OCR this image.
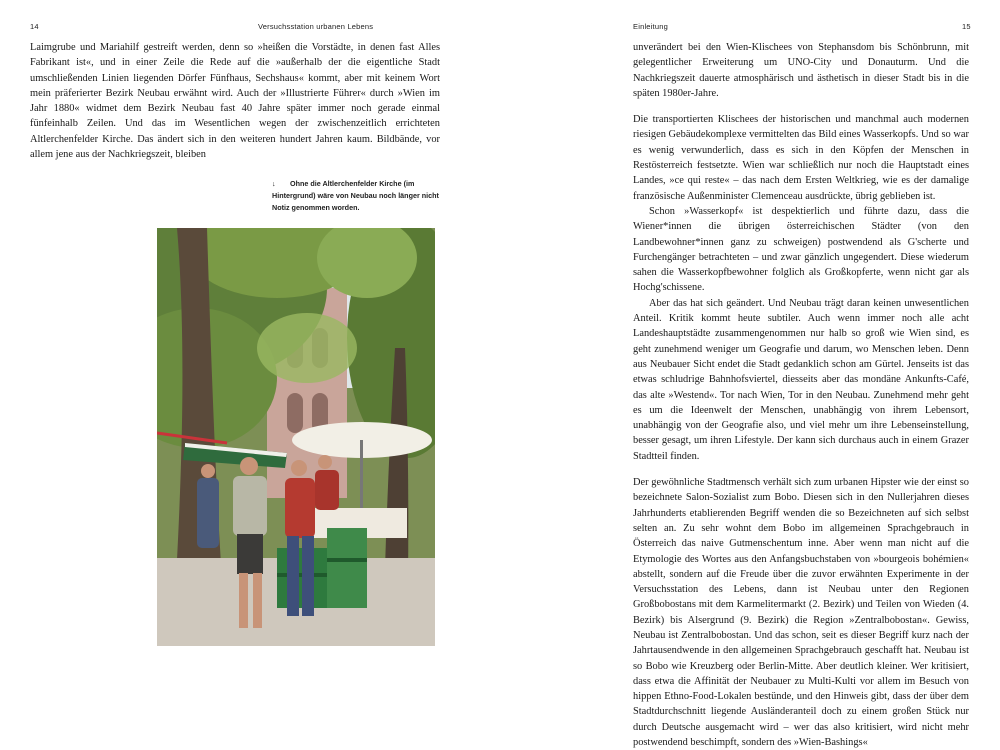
14	Versuchsstation urbanen Lebens

Laimgrube und Mariahilf gestreift werden, denn so »heißen die Vorstädte, in denen fast Alles Fabrikant ist«, und in einer Zeile die Rede auf die »außerhalb der die eigentliche Stadt umschließenden Linien liegenden Dörfer Fünfhaus, Sechshaus« kommt, aber mit keinem Wort mein präferierter Bezirk Neubau erwähnt wird. Auch der »Illustrierte Führer« durch »Wien im Jahr 1880« widmet dem Bezirk Neubau fast 40 Jahre später immer noch gerade einmal fünfeinhalb Zeilen. Und das im Wesentlichen wegen der zwischenzeitlich errichteten Altlerchenfelder Kirche. Das ändert sich in den weiteren hundert Jahren kaum. Bildbände, vor allem jene aus der Nachkriegszeit, bleiben

↓ Ohne die Altlerchenfelder Kirche (im Hintergrund) wäre von Neubau noch länger nicht Notiz genommen worden.
Einleitung	15

unverändert bei den Wien-Klischees von Stephansdom bis Schönbrunn, mit gelegentlicher Erweiterung um UNO-City und Donauturm. Und die Nachkriegszeit dauerte atmosphärisch und ästhetisch in dieser Stadt bis in die späten 1980er-Jahre.

Die transportierten Klischees der historischen und manchmal auch modernen riesigen Gebäudekomplexe vermittelten das Bild eines Wasserkopfs. Und so war es wenig verwunderlich, dass es sich in den Köpfen der Menschen in Restösterreich festsetzte. Wien war schließlich nur noch die Hauptstadt eines Landes, »ce qui reste« – das nach dem Ersten Weltkrieg, wie es der damalige französische Außenminister Clemenceau ausdrückte, übrig geblieben ist.

Schon »Wasserkopf« ist despektierlich und führte dazu, dass die Wiener*innen die übrigen österreichischen Städter (von den Landbewohner*innen ganz zu schweigen) postwendend als G'scherte und Furchengänger betrachteten – und zwar gänzlich ungegendert. Diese wiederum sahen die Wasserkopfbewohner folglich als Großkopferte, wenn nicht gar als Hochg'schissene.

Aber das hat sich geändert. Und Neubau trägt daran keinen unwesentlichen Anteil. Kritik kommt heute subtiler. Auch wenn immer noch alle acht Landeshauptstädte zusammengenommen nur halb so groß wie Wien sind, es geht zunehmend weniger um Geografie und darum, wo Menschen leben. Denn aus Neubauer Sicht endet die Stadt gedanklich schon am Gürtel. Jenseits ist das etwas schludrige Bahnhofsviertel, diesseits aber das mondäne Ankunfts-Café, das alte »Westend«. Tor nach Wien, Tor in den Neubau. Zunehmend mehr geht es um die Ideenwelt der Menschen, unabhängig von ihrem Lebensort, unabhängig von der Geografie also, und viel mehr um ihre Lebenseinstellung, besser gesagt, um ihren Lifestyle. Der kann sich durchaus auch in einem Grazer Stadtteil finden.

Der gewöhnliche Stadtmensch verhält sich zum urbanen Hipster wie der einst so bezeichnete Salon-Sozialist zum Bobo. Diesen sich in den Nullerjahren dieses Jahrhunderts etablierenden Begriff wenden die so Bezeichneten auf sich selbst selten an. Zu sehr wohnt dem Bobo im allgemeinen Sprachgebrauch in Österreich das naive Gutmenschentum inne. Aber wenn man nicht auf die Etymologie des Wortes aus den Anfangsbuchstaben von »bourgeois bohémien« abstellt, sondern auf die Freude über die zuvor erwähnten Experimente in der Versuchsstation des Lebens, dann ist Neubau unter den Regionen Großbobostans mit dem Karmelitermarkt (2. Bezirk) und Teilen von Wieden (4. Bezirk) bis Alsergrund (9. Bezirk) die Region »Zentralbobostan«. Gewiss, Neubau ist Zentralbobostan. Und das schon, seit es dieser Begriff kurz nach der Jahrtausendwende in den allgemeinen Sprachgebrauch geschafft hat. Neubau ist so Bobo wie Kreuzberg oder Berlin-Mitte. Aber deutlich kleiner. Wer kritisiert, dass etwa die Affinität der Neubauer zu Multi-Kulti vor allem im Besuch von hippen Ethno-Food-Lokalen bestünde, und den Hinweis gibt, dass der über dem Stadtdurchschnitt liegende Ausländeranteil doch zu einem großen Stück nur durch Deutsche ausgemacht wird – wer das also kritisiert, wird nicht mehr postwendend beschimpft, sondern des »Wien-Bashings«
